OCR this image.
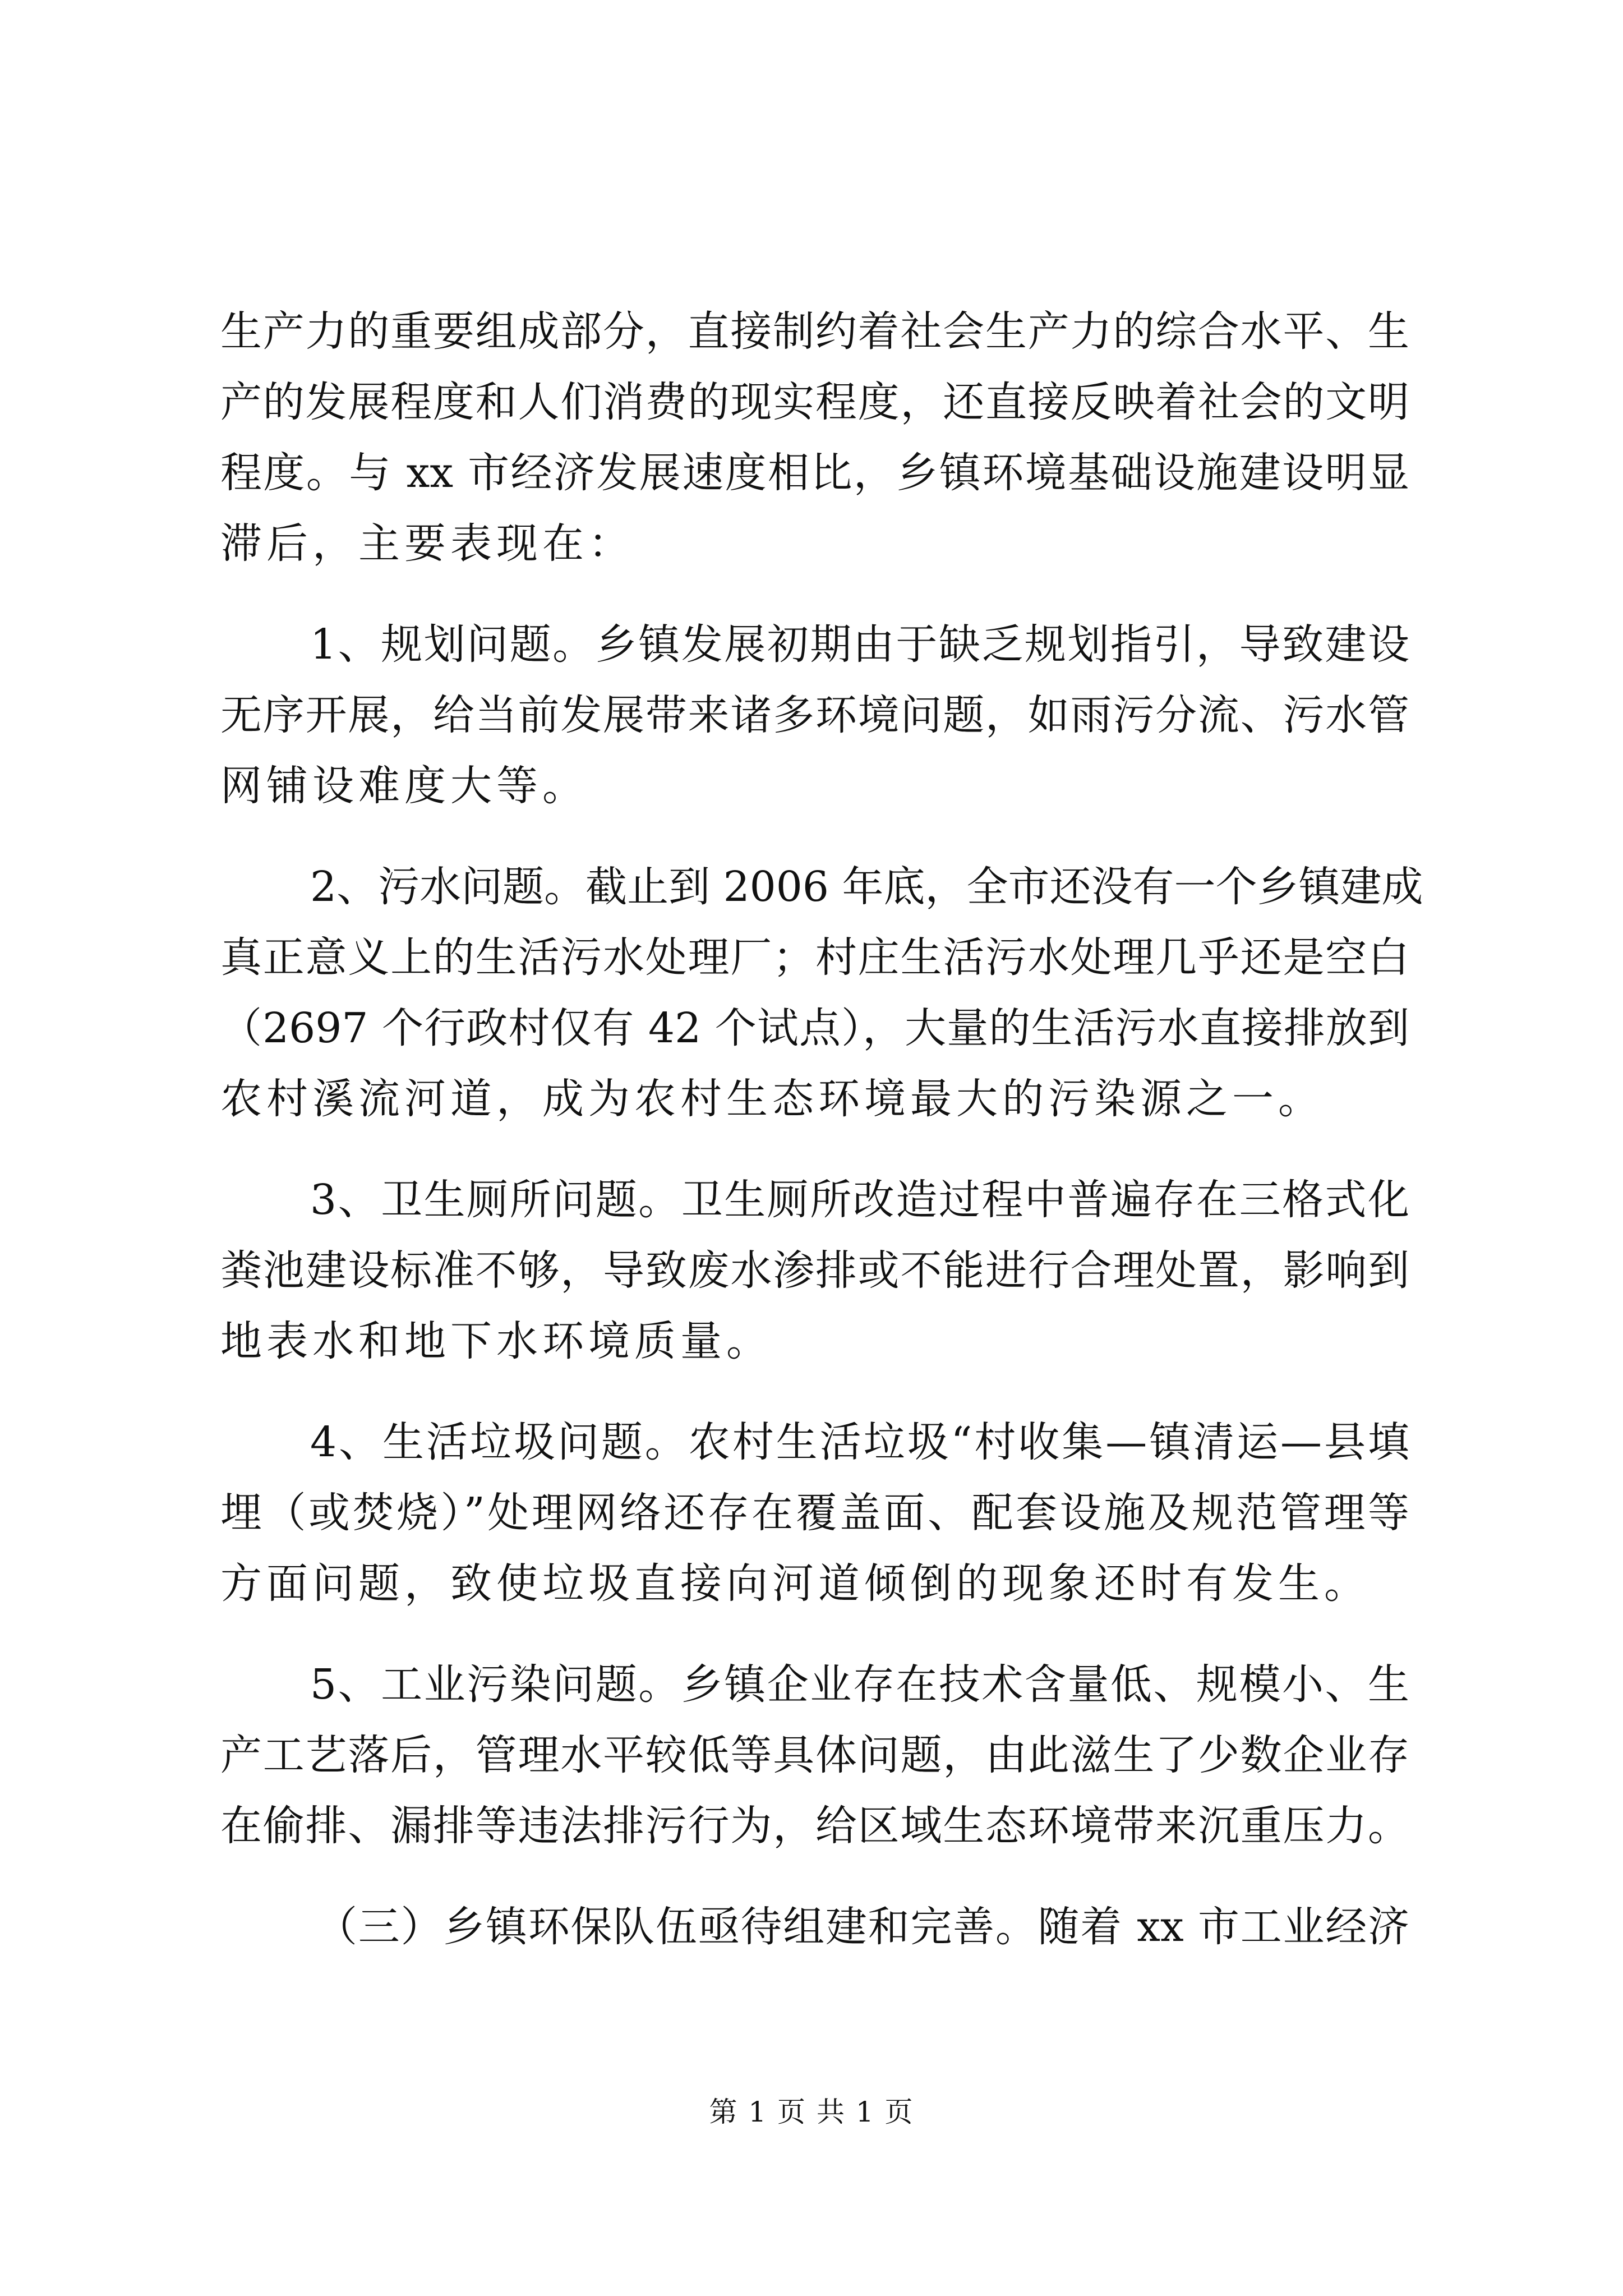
生产力的重要组成部分，直接制约着社会生产力的综合水平、生
产的发展程度和人们消费的现实程度，还直接反映着社会的文明
程度。与 xx 市经济发展速度相比，乡镇环境基础设施建设明显
滞后，主要表现在：
1、规划问题。乡镇发展初期由于缺乏规划指引，导致建设
无序开展，给当前发展带来诸多环境问题，如雨污分流、污水管
网铺设难度大等。
2、污水问题。截止到 2006 年底，全市还没有一个乡镇建成
真正意义上的生活污水处理厂；村庄生活污水处理几乎还是空白
（2697 个行政村仅有 42 个试点），大量的生活污水直接排放到
农村溪流河道，成为农村生态环境最大的污染源之一。
3、卫生厕所问题。卫生厕所改造过程中普遍存在三格式化
粪池建设标准不够，导致废水渗排或不能进行合理处置，影响到
地表水和地下水环境质量。
4、生活垃圾问题。农村生活垃圾“村收集—镇清运—县填
埋（或焚烧）”处理网络还存在覆盖面、配套设施及规范管理等
方面问题，致使垃圾直接向河道倾倒的现象还时有发生。
5、工业污染问题。乡镇企业存在技术含量低、规模小、生
产工艺落后，管理水平较低等具体问题，由此滋生了少数企业存
在偷排、漏排等违法排污行为，给区域生态环境带来沉重压力。
（三）乡镇环保队伍亟待组建和完善。随着 xx 市工业经济
第 1 页 共 1 页
